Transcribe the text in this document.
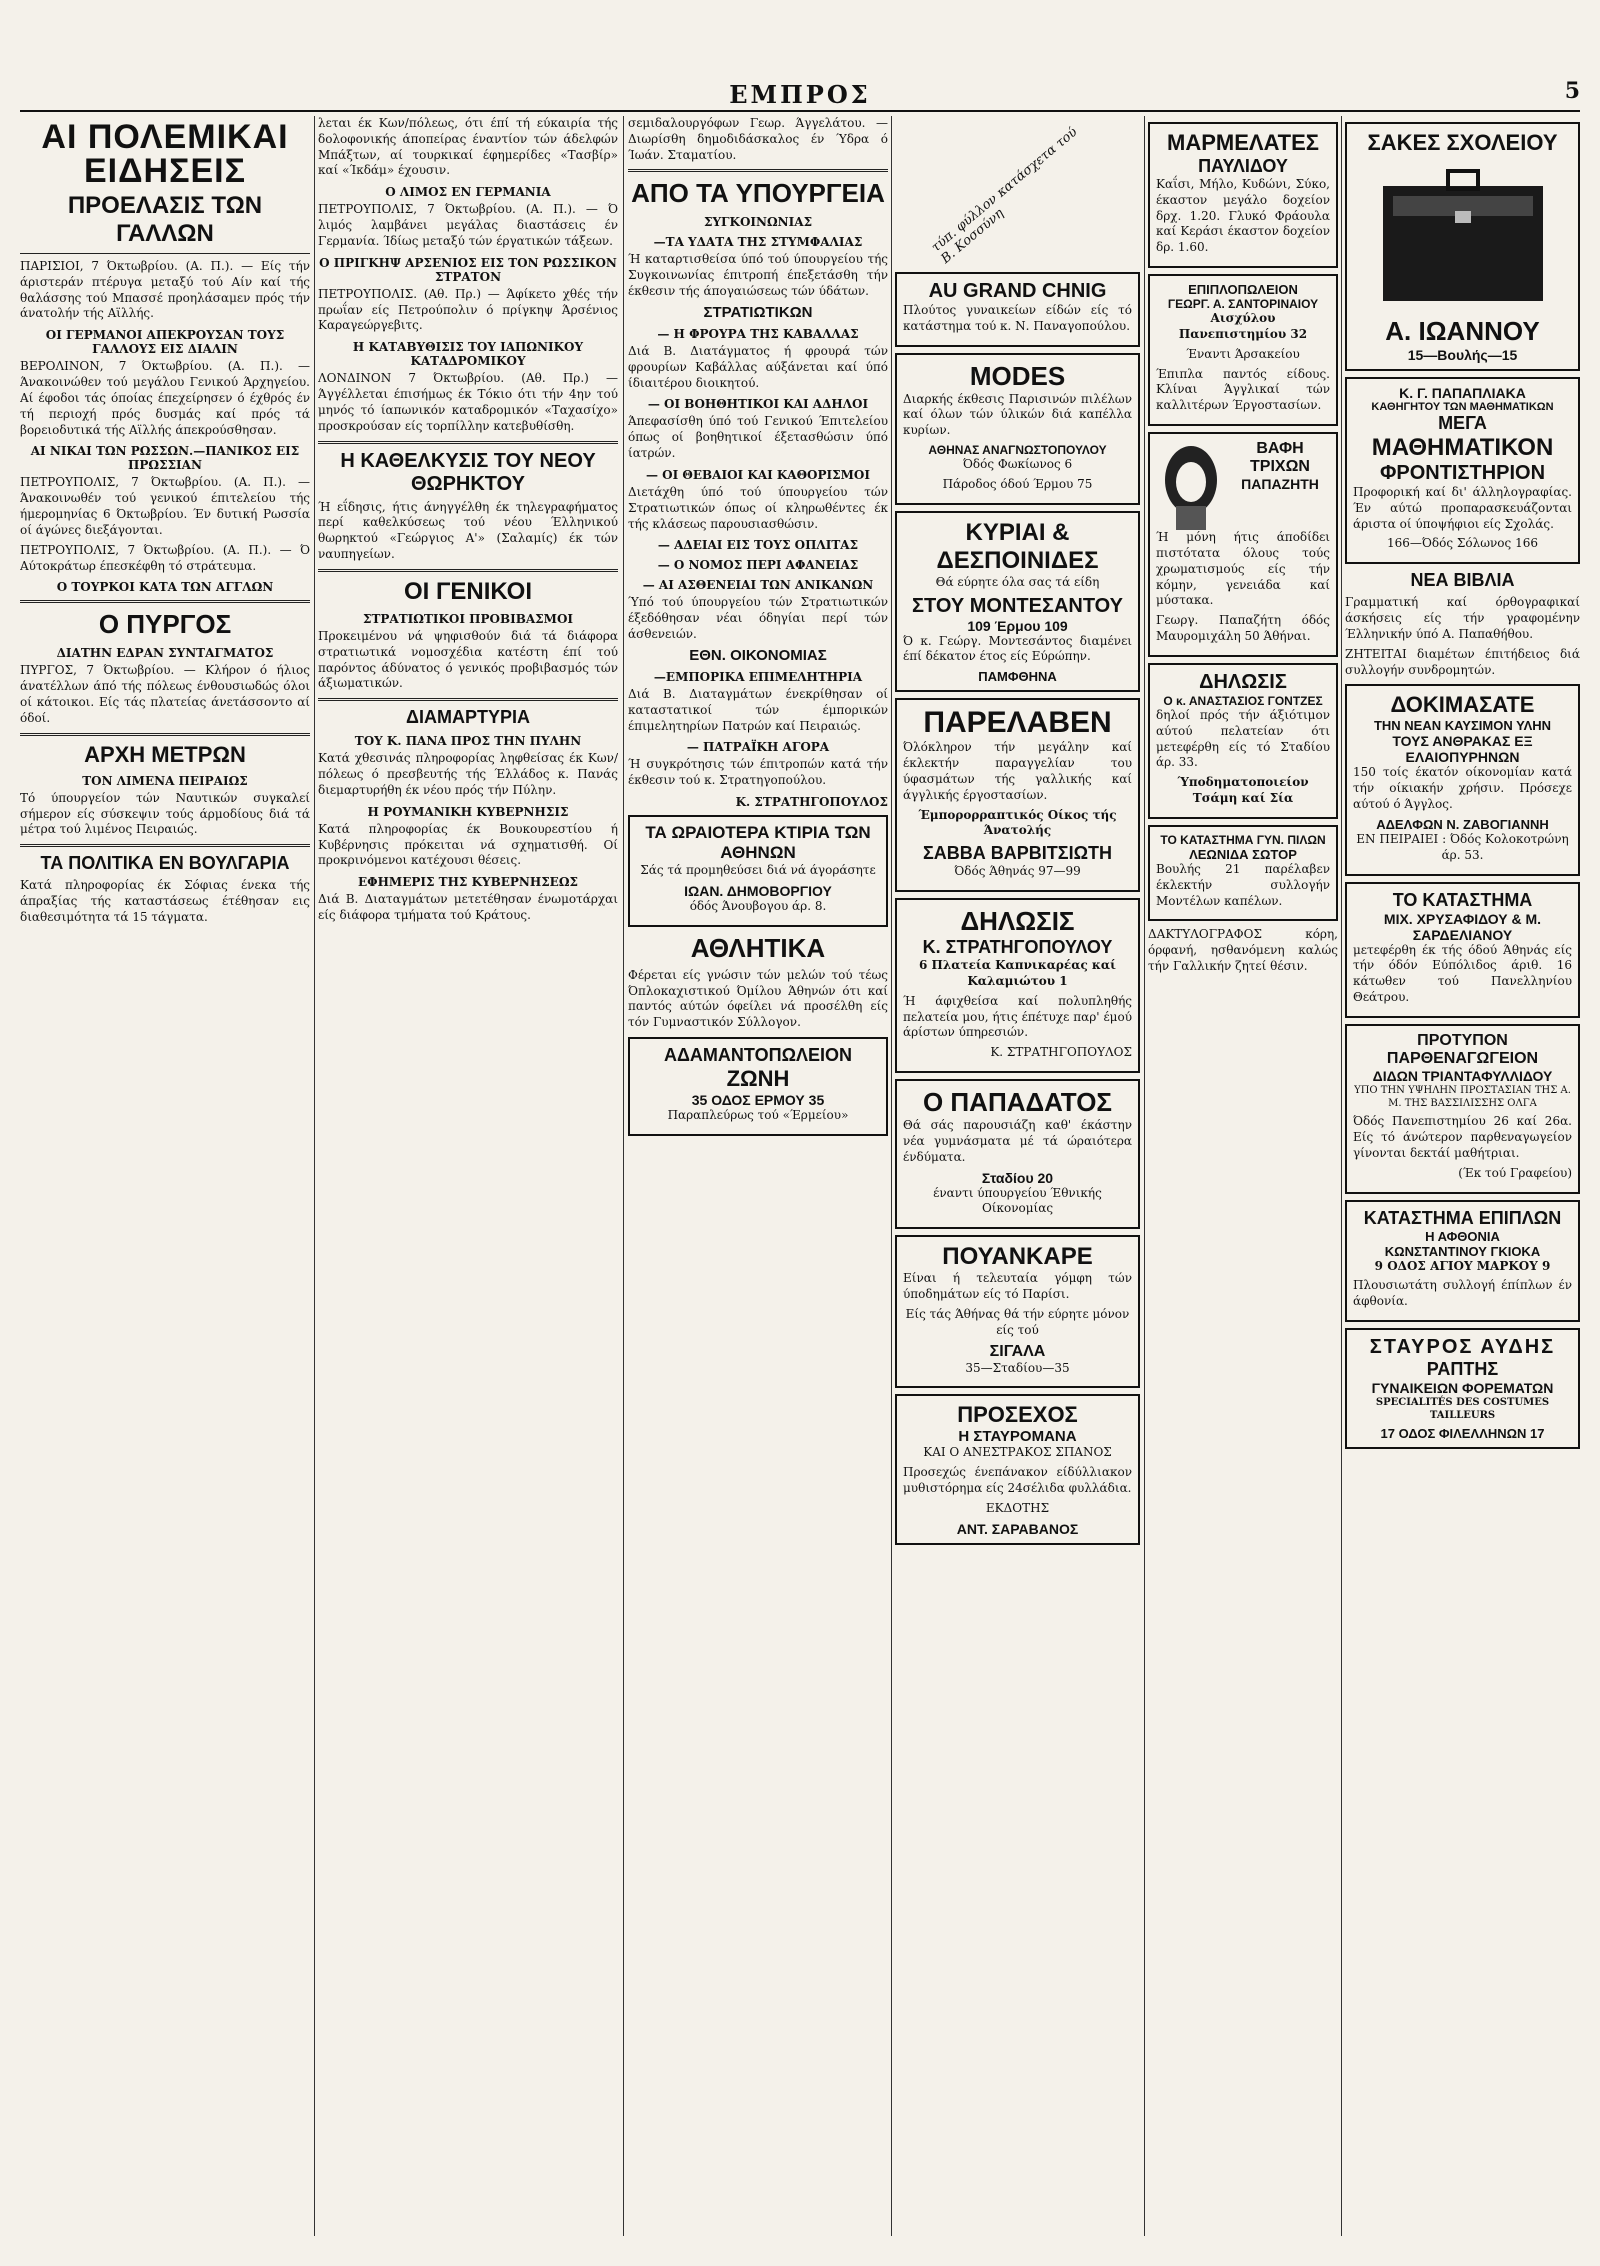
ΕΜΠΡΟΣ	5
ΑΙ ΠΟΛΕΜΙΚΑΙ ΕΙΔΗΣΕΙΣ
ΠΡΟΕΛΑΣΙΣ ΤΩΝ ΓΑΛΛΩΝ

ΠΑΡΙΣΙΟΙ, 7 Όκτωβρίου. (Α. Π.). — Είς τήν άριστεράν πτέρυγα μεταξύ τού Αίν καί τής θαλάσσης τού Μπασσέ προηλάσαμεν πρός τήν άνατολήν τής Αϊλλής.

ΟΙ ΓΕΡΜΑΝΟΙ ΑΠΕΚΡΟΥΣΑΝ ΤΟΥΣ ΓΑΛΛΟΥΣ ΕΙΣ ΔΙΑΛΙΝ

ΒΕΡΟΛΙΝΟΝ, 7 Όκτωβρίου. (Α. Π.). — Άνακοινώθεν τού μεγάλου Γενικού Άρχηγείου. Αί έφοδοι τάς όποίας έπεχείρησεν ό έχθρός έν τή περιοχή πρός δυσμάς καί πρός τά βορειοδυτικά τής Αϊλλής άπεκρούσθησαν.

ΑΙ ΝΙΚΑΙ ΤΩΝ ΡΩΣΣΩΝ.—ΠΑΝΙΚΟΣ ΕΙΣ ΠΡΩΣΣΙΑΝ

ΠΕΤΡΟΥΠΟΛΙΣ, 7 Όκτωβρίου. (Α. Π.). — Άνακοινωθέν τού γενικού έπιτελείου τής ήμερομηνίας 6 Όκτωβρίου. Έν δυτική Ρωσσία οί άγώνες διεξάγονται.

ΠΕΤΡΟΥΠΟΛΙΣ, 7 Όκτωβρίου. (Α. Π.). — Ό Αύτοκράτωρ έπεσκέφθη τό στράτευμα.

Ο ΤΟΥΡΚΟΙ ΚΑΤΑ ΤΩΝ ΑΓΓΛΩΝ
Ο ΠΥΡΓΟΣ
ΔΙΑΤΗΝ ΕΔΡΑΝ ΣΥΝΤΑΓΜΑΤΟΣ

ΠΥΡΓΟΣ, 7 Όκτωβρίου. — Κλήρον ό ήλιος άνατέλλων άπό τής πόλεως ένθουσιωδώς όλοι οί κάτοικοι. Είς τάς πλατείας άνετάσσοντο αί όδοί.

ΑΡΧΗ ΜΕΤΡΩΝ
ΤΟΝ ΛΙΜΕΝΑ ΠΕΙΡΑΙΩΣ

Τό ύπουργείον τών Ναυτικών συγκαλεί σήμερον είς σύσκεψιν τούς άρμοδίους διά τά μέτρα τού λιμένος Πειραιώς.

ΤΑ ΠΟΛΙΤΙΚΑ ΕΝ ΒΟΥΛΓΑΡΙΑ

Κατά πληροφορίας έκ Σόφιας ένεκα τής άπραξίας τής καταστάσεως έτέθησαν εις διαθεσιμότητα τά 15 τάγματα.

λεται έκ Κων/πόλεως, ότι έπί τή εύκαιρία τής δολοφονικής άποπείρας έναντίον τών άδελφών Μπάξτων, αί τουρκικαί έφημερίδες «Τασβίρ» καί «Ίκδάμ» έχουσιν.

Ο ΛΙΜΟΣ ΕΝ ΓΕΡΜΑΝΙΑ

ΠΕΤΡΟΥΠΟΛΙΣ, 7 Όκτωβρίου. (Α. Π.). — Ό λιμός λαμβάνει μεγάλας διαστάσεις έν Γερμανία. Ίδίως μεταξύ τών έργατικών τάξεων.

Ο ΠΡΙΓΚΗΨ ΑΡΣΕΝΙΟΣ ΕΙΣ ΤΟΝ ΡΩΣΣΙΚΟΝ ΣΤΡΑΤΟΝ

ΠΕΤΡΟΥΠΟΛΙΣ. (Αθ. Πρ.) — Άφίκετο χθές τήν πρωΐαν είς Πετρούπολιν ό πρίγκηψ Άρσένιος Καραγεώργεβιτς.

Η ΚΑΤΑΒΥΘΙΣΙΣ ΤΟΥ ΙΑΠΩΝΙΚΟΥ ΚΑΤΑΔΡΟΜΙΚΟΥ

ΛΟΝΔΙΝΟΝ 7 Όκτωβρίου. (Αθ. Πρ.) — Άγγέλλεται έπισήμως έκ Τόκιο ότι τήν 4ην τού μηνός τό ίαπωνικόν καταδρομικόν «Ταχασίχο» προσκρούσαν είς τορπίλλην κατεβυθίσθη.

Η ΚΑΘΕΛΚΥΣΙΣ ΤΟΥ ΝΕΟΥ ΘΩΡΗΚΤΟΥ

Ή εΐδησις, ήτις άνηγγέλθη έκ τηλεγραφήματος περί καθελκύσεως τού νέου Έλληνικού θωρηκτού «Γεώργιος Α'» (Σαλαμίς) έκ τών ναυπηγείων.

ΟΙ ΓΕΝΙΚΟΙ
ΣΤΡΑΤΙΩΤΙΚΟΙ ΠΡΟΒΙΒΑΣΜΟΙ

Προκειμένου νά ψηφισθούν διά τά διάφορα στρατιωτικά νομοσχέδια κατέστη έπί τού παρόντος άδύνατος ό γενικός προβιβασμός τών άξιωματικών.

ΔΙΑΜΑΡΤΥΡΙΑ
ΤΟΥ Κ. ΠΑΝΑ ΠΡΟΣ ΤΗΝ ΠΥΛΗΝ

Κατά χθεσινάς πληροφορίας ληφθείσας έκ Κων/πόλεως ό πρεσβευτής τής Έλλάδος κ. Πανάς διεμαρτυρήθη έκ νέου πρός τήν Πύλην.

Η ΡΟΥΜΑΝΙΚΗ ΚΥΒΕΡΝΗΣΙΣ

Κατά πληροφορίας έκ Βουκουρεστίου ή Κυβέρνησις πρόκειται νά σχηματισθή. Οί προκρινόμενοι κατέχουσι θέσεις.

ΕΦΗΜΕΡΙΣ ΤΗΣ ΚΥΒΕΡΝΗΣΕΩΣ

Διά Β. Διαταγμάτων μετετέθησαν ένωμοτάρχαι είς διάφορα τμήματα τού Κράτους.

σεμιδαλουργόφων Γεωρ. Άγγελάτου. — Διωρίσθη δημοδιδάσκαλος έν Ύδρα ό Ίωάν. Σταματίου.

ΑΠΟ ΤΑ ΥΠΟΥΡΓΕΙΑ
ΣΥΓΚΟΙΝΩΝΙΑΣ
—ΤΑ ΥΔΑΤΑ ΤΗΣ ΣΤΥΜΦΑΛΙΑΣ

Ή καταρτισθείσα ύπό τού ύπουργείου τής Συγκοινωνίας έπιτροπή έπεξετάσθη τήν έκθεσιν τής άπογαιώσεως τών ύδάτων.

ΣΤΡΑΤΙΩΤΙΚΩΝ
— Η ΦΡΟΥΡΑ ΤΗΣ ΚΑΒΑΛΛΑΣ

Διά Β. Διατάγματος ή φρουρά τών φρουρίων Καβάλλας αύξάνεται καί ύπό ίδιαιτέρου διοικητού.

— ΟΙ ΒΟΗΘΗΤΙΚΟΙ ΚΑΙ ΑΔΗΛΟΙ

Άπεφασίσθη ύπό τού Γενικού Έπιτελείου όπως οί βοηθητικοί έξετασθώσιν ύπό ίατρών.

— ΟΙ ΘΕΒΑΙΟΙ ΚΑΙ ΚΑΘΟΡΙΣΜΟΙ

Διετάχθη ύπό τού ύπουργείου τών Στρατιωτικών όπως οί κληρωθέντες έκ τής κλάσεως παρουσιασθώσιν.

— ΑΔΕΙΑΙ ΕΙΣ ΤΟΥΣ ΟΠΛΙΤΑΣ
— Ο ΝΟΜΟΣ ΠΕΡΙ ΑΦΑΝΕΙΑΣ
— ΑΙ ΑΣΘΕΝΕΙΑΙ ΤΩΝ ΑΝΙΚΑΝΩΝ

Ύπό τού ύπουργείου τών Στρατιωτικών έξεδόθησαν νέαι όδηγίαι περί τών άσθενειών.

ΕΘΝ. ΟΙΚΟΝΟΜΙΑΣ
—ΕΜΠΟΡΙΚΑ ΕΠΙΜΕΛΗΤΗΡΙΑ

Διά Β. Διαταγμάτων ένεκρίθησαν οί καταστατικοί τών έμπορικών έπιμελητηρίων Πατρών καί Πειραιώς.

— ΠΑΤΡΑΪΚΗ ΑΓΟΡΑ

Ή συγκρότησις τών έπιτροπών κατά τήν έκθεσιν τού κ. Στρατηγοπούλου.

Κ. ΣΤΡΑΤΗΓΟΠΟΥΛΟΣ
ΤΑ ΩΡΑΙΟΤΕΡΑ ΚΤΙΡΙΑ ΤΩΝ ΑΘΗΝΩΝ
Σάς τά προμηθεύσει διά νά άγοράσητε
ΙΩΑΝ. ΔΗΜΟΒΟΡΓΙΟΥ
όδός Άνουβογου άρ. 8.
ΑΘΛΗΤΙΚΑ

Φέρεται είς γνώσιν τών μελών τού τέως Όπλοκαχιστικού Όμίλου Άθηνών ότι καί παντός αύτών όφείλει νά προσέλθη είς τόν Γυμναστικόν Σύλλογον.

ΑΔΑΜΑΝΤΟΠΩΛΕΙΟΝ
ΖΩΝΗ
35 ΟΔΟΣ ΕΡΜΟΥ 35
Παραπλεύρως τού «Έρμείου»
τύπ. φύλλον κατάσχετα τού Β. Κοσσύνη
AU GRAND CHNIG
Πλούτος γυναικείων είδών είς τό κατάστημα τού κ. Ν. Παναγοπούλου.
MODES
Διαρκής έκθεσις Παρισινών πιλέλων καί όλων τών ύλικών διά καπέλλα κυρίων.
ΑΘΗΝΑΣ ΑΝΑΓΝΩΣΤΟΠΟΥΛΟΥ
Όδός Φωκίωνος 6
Πάροδος όδού Έρμου 75
ΚΥΡΙΑΙ & ΔΕΣΠΟΙΝΙΔΕΣ
Θά εύρητε όλα σας τά είδη
ΣΤΟΥ ΜΟΝΤΕΣΑΝΤΟΥ
109 Έρμου 109
Ό κ. Γεώργ. Μοντεσάντος διαμένει έπί δέκατον έτος είς Εύρώπην.
ΠΑΜΦΘΗΝΑ
ΠΑΡΕΛΑΒΕΝ
Όλόκληρον τήν μεγάλην καί έκλεκτήν παραγγελίαν του ύφασμάτων τής γαλλικής καί άγγλικής έργοστασίων.
Έμπορορραπτικός Οίκος τής Άνατολής
ΣΑΒΒΑ ΒΑΡΒΙΤΣΙΩΤΗ
Όδός Άθηνάς 97—99
ΔΗΛΩΣΙΣ
Κ. ΣΤΡΑΤΗΓΟΠΟΥΛΟΥ
6 Πλατεία Καπνικαρέας καί Καλαμιώτου 1
Ή άφιχθείσα καί πολυπληθής πελατεία μου, ήτις έπέτυχε παρ' έμού άρίστων ύπηρεσιών.
Κ. ΣΤΡΑΤΗΓΟΠΟΥΛΟΣ
Ο ΠΑΠΑΔΑΤΟΣ
Θά σάς παρουσιάζη καθ' έκάστην νέα γυμνάσματα μέ τά ώραιότερα ένδύματα.
Σταδίου 20
έναντι ύπουργείου Έθνικής Οίκονομίας
ΠΟΥΑΝΚΑΡΕ
Είναι ή τελευταία γόμφη τών ύποδημάτων είς τό Παρίσι.
Είς τάς Άθήνας θά τήν εύρητε μόνον είς τού
ΣΙΓΑΛΑ
35—Σταδίου—35
ΠΡΟΣΕΧΟΣ
Η ΣΤΑΥΡΟΜΑΝΑ
ΚΑΙ Ο ΑΝΕΣΤΡΑΚΟΣ ΣΠΑΝΟΣ
Προσεχώς ένεπάνακον είδύλλιακον μυθιστόρημα είς 24σέλιδα φυλλάδια.
ΕΚΔΟΤΗΣ
ΑΝΤ. ΣΑΡΑΒΑΝΟΣ
ΜΑΡΜΕΛΑΤΕΣ
ΠΑΥΛΙΔΟΥ
Καΐσι, Μήλο, Κυδώνι, Σύκο, έκαστον μεγάλο δοχείον δρχ. 1.20. Γλυκό Φράουλα καί Κεράσι έκαστον δοχείον δρ. 1.60.
ΕΠΙΠΛΟΠΩΛΕΙΟΝ
ΓΕΩΡΓ. Α. ΣΑΝΤΟΡΙΝΑΙΟΥ
Αισχύλου Πανεπιστημίου 32
Έναντι Άρσακείου
Έπιπλα παντός είδους. Κλίναι Άγγλικαί τών καλλιτέρων Έργοστασίων.
ΒΑΦΗ ΤΡΙΧΩΝ
ΠΑΠΑΖΗΤΗ
Ή μόνη ήτις άποδίδει πιστότατα όλους τούς χρωματισμούς είς τήν κόμην, γενειάδα καί μύστακα.
Γεωργ. Παπαζήτη όδός Μαυρομιχάλη 50 Άθήναι.
ΔΗΛΩΣΙΣ
Ο κ. ΑΝΑΣΤΑΣΙΟΣ ΓΟΝΤΖΕΣ
δηλοί πρός τήν άξιότιμον αύτού πελατείαν ότι μετεφέρθη είς τό Σταδίου άρ. 33.
Ύποδηματοποιείον Τσάμη καί Σία
ΤΟ ΚΑΤΑΣΤΗΜΑ ΓΥΝ. ΠΙΛΩΝ
ΛΕΩΝΙΔΑ ΣΩΤΟΡ
Βουλής 21 παρέλαβεν έκλεκτήν συλλογήν Μοντέλων καπέλων.

ΔΑΚΤΥΛΟΓΡΑΦΟΣ κόρη, όρφανή, ησθανόμενη καλώς τήν Γαλλικήν ζητεί θέσιν.

ΣΑΚΕΣ ΣΧΟΛΕΙΟΥ
Α. ΙΩΑΝΝΟΥ
15—Βουλής—15
Κ. Γ. ΠΑΠΑΠΛΙΑΚΑ
ΚΑΘΗΓΗΤΟΥ ΤΩΝ ΜΑΘΗΜΑΤΙΚΩΝ
ΜΕΓΑ
ΜΑΘΗΜΑΤΙΚΟΝ
ΦΡΟΝΤΙΣΤΗΡΙΟΝ
Προφορική καί δι' άλληλογραφίας. Έν αύτώ προπαρασκευάζονται άριστα οί ύποψήφιοι είς Σχολάς.
166—Όδός Σόλωνος 166
ΝΕΑ ΒΙΒΛΙΑ

Γραμματική καί όρθογραφικαί άσκήσεις είς τήν γραφομένην Έλληνικήν ύπό Α. Παπαθήθου.

ΖΗΤΕΙΤΑΙ διαμέτων έπιτήδειος διά συλλογήν συνδρομητών.

ΔΟΚΙΜΑΣΑΤΕ
ΤΗΝ ΝΕΑΝ ΚΑΥΣΙΜΟΝ ΥΛΗΝ
ΤΟΥΣ ΑΝΘΡΑΚΑΣ ΕΞ ΕΛΑΙΟΠΥΡΗΝΩΝ
150 τοίς έκατόν οίκονομίαν κατά τήν οίκιακήν χρήσιν. Πρόσεχε αύτού ό Άγγλος.
ΑΔΕΛΦΩΝ Ν. ΖΑΒΟΓΙΑΝΝΗ
ΕΝ ΠΕΙΡΑΙΕΙ : Όδός Κολοκοτρώνη άρ. 53.
ΤΟ ΚΑΤΑΣΤΗΜΑ
ΜΙΧ. ΧΡΥΣΑΦΙΔΟΥ & Μ. ΣΑΡΔΕΛΙΑΝΟΥ
μετεφέρθη έκ τής όδού Άθηνάς είς τήν όδόν Εύπόλιδος άριθ. 16 κάτωθεν τού Πανελληνίου Θεάτρου.
ΠΡΟΤΥΠΟΝ ΠΑΡΘΕΝΑΓΩΓΕΙΟΝ
ΔΙΔΩΝ ΤΡΙΑΝΤΑΦΥΛΛΙΔΟΥ
ΥΠΟ ΤΗΝ ΥΨΗΛΗΝ ΠΡΟΣΤΑΣΙΑΝ ΤΗΣ Α. Μ. ΤΗΣ ΒΑΣΣΙΛΙΣΣΗΣ ΟΛΓΑ
Όδός Πανεπιστημίου 26 καί 26α. Είς τό άνώτερον παρθεναγωγείον γίνονται δεκτάί μαθήτριαι.
(Έκ τού Γραφείου)
ΚΑΤΑΣΤΗΜΑ ΕΠΙΠΛΩΝ
Η ΑΦΘΟΝΙΑ
ΚΩΝΣΤΑΝΤΙΝΟΥ ΓΚΙΟΚΑ
9 ΟΔΟΣ ΑΓΙΟΥ ΜΑΡΚΟΥ 9
Πλουσιωτάτη συλλογή έπίπλων έν άφθονία.
ΣΤΑΥΡΟΣ ΑΥΔΗΣ
ΡΑΠΤΗΣ
ΓΥΝΑΙΚΕΙΩΝ ΦΟΡΕΜΑΤΩΝ
SPECIALITÉS DES COSTUMES TAILLEURS
17 ΟΔΟΣ ΦΙΛΕΛΛΗΝΩΝ 17
